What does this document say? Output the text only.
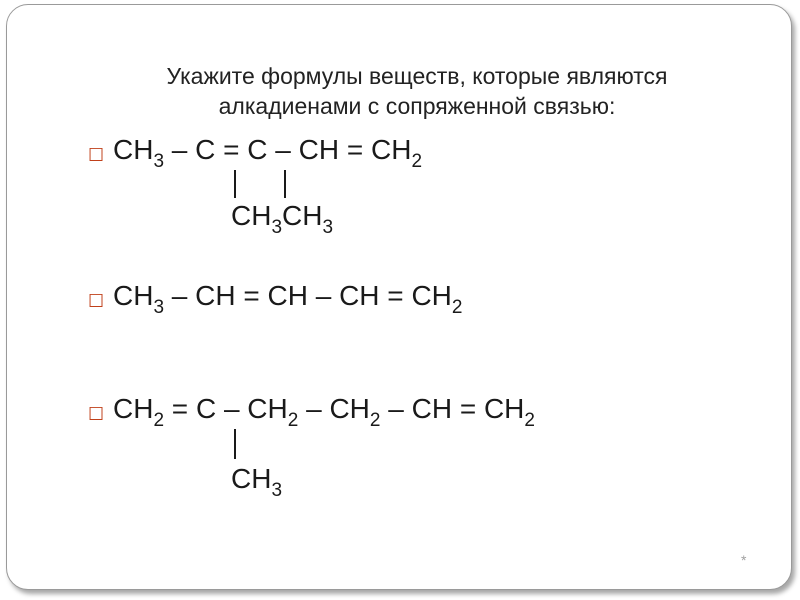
Укажите формулы веществ, которые являются
алкадиенами с сопряженной связью:
☐ $CH_3 - C = C$ – CH = $CH_2$
$CH_3CH_3$
☐ $CH_3$ – CH = CH – CH = $CH_2$
☐ $CH_2 = C - CH_2 - CH_2$ – CH = $CH_2$
$CH_3$
*
